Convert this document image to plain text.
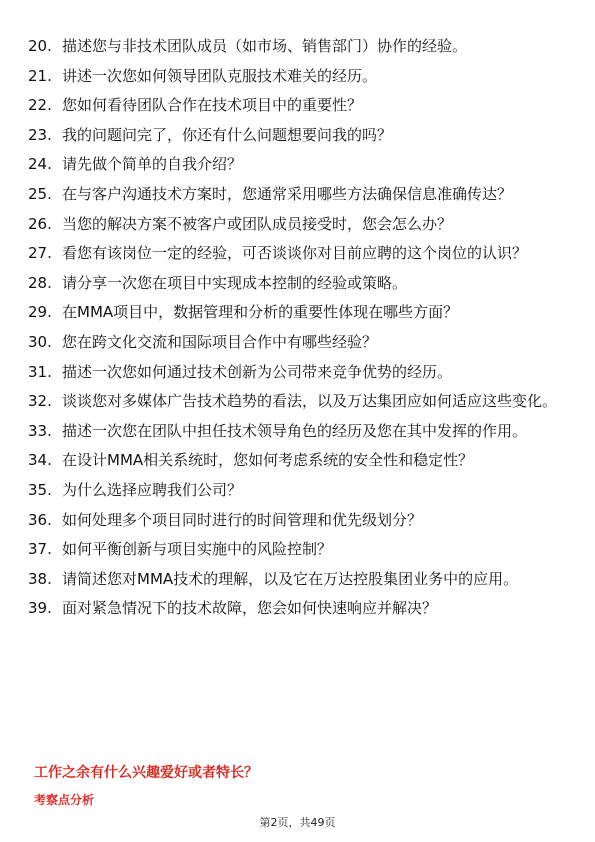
20. 描述您与非技术团队成员（如市场、销售部门）协作的经验。
21. 讲述一次您如何领导团队克服技术难关的经历。
22. 您如何看待团队合作在技术项目中的重要性？
23. 我的问题问完了，你还有什么问题想要问我的吗？
24. 请先做个简单的自我介绍？
25. 在与客户沟通技术方案时，您通常采用哪些方法确保信息准确传达？
26. 当您的解决方案不被客户或团队成员接受时，您会怎么办？
27. 看您有该岗位一定的经验，可否谈谈你对目前应聘的这个岗位的认识？
28. 请分享一次您在项目中实现成本控制的经验或策略。
29. 在MMA项目中，数据管理和分析的重要性体现在哪些方面？
30. 您在跨文化交流和国际项目合作中有哪些经验？
31. 描述一次您如何通过技术创新为公司带来竞争优势的经历。
32. 谈谈您对多媒体广告技术趋势的看法，以及万达集团应如何适应这些变化。
33. 描述一次您在团队中担任技术领导角色的经历及您在其中发挥的作用。
34. 在设计MMA相关系统时，您如何考虑系统的安全性和稳定性？
35. 为什么选择应聘我们公司？
36. 如何处理多个项目同时进行的时间管理和优先级划分？
37. 如何平衡创新与项目实施中的风险控制？
38. 请简述您对MMA技术的理解，以及它在万达控股集团业务中的应用。
39. 面对紧急情况下的技术故障，您会如何快速响应并解决？

工作之余有什么兴趣爱好或者特长？

考察点分析

第2页，共49页
